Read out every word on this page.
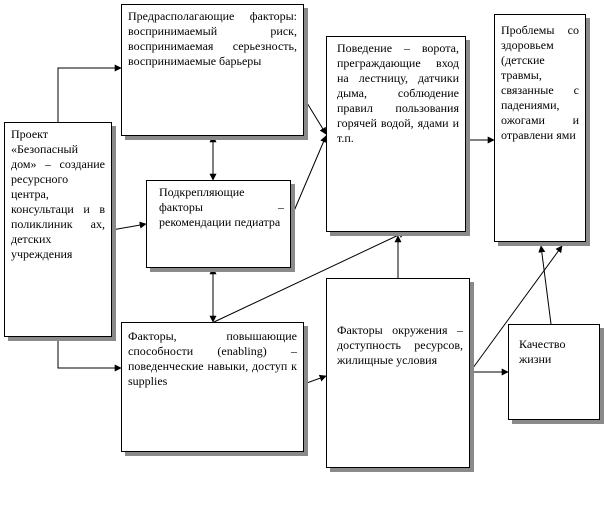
Проект «Безопасный дом» – создание ресурсного центра, консультаци и в поликлиник ах, детских учреждения
Предрасполагающие факторы: воспринимаемый риск, воспринимаемая серьезность, воспринимаемые барьеры
Подкрепляющие факторы – рекомендации педиатра
Факторы, повышающие способности (enabling) – поведенческие навыки, доступ к supplies
Поведение – ворота, преграждающие вход на лестницу, датчики дыма, соблюдение правил пользования горячей водой, ядами и т.п.
Факторы окружения – доступность ресурсов, жилищные условия
Проблемы со здоровьем (детские травмы, связанные с падениями, ожогами и отравлени ями
Качество жизни
